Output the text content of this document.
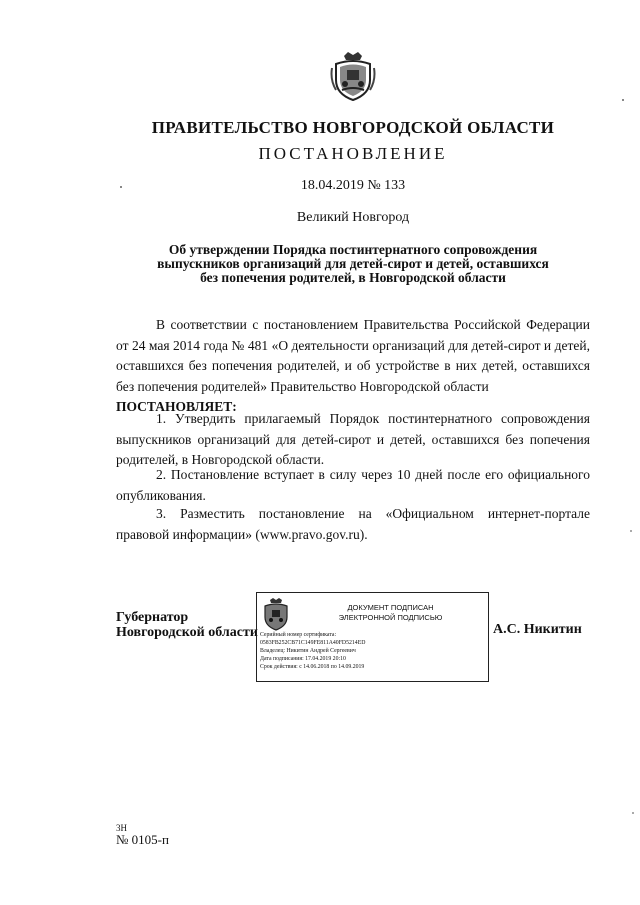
ПРАВИТЕЛЬСТВО НОВГОРОДСКОЙ ОБЛАСТИ
ПОСТАНОВЛЕНИЕ
18.04.2019 № 133
Великий Новгород
Об утверждении Порядка постинтернатного сопровождения
выпускников организаций для детей-сирот и детей, оставшихся
без попечения родителей, в Новгородской области
В соответствии с постановлением Правительства Российской Федерации от 24 мая 2014 года № 481 «О деятельности организаций для детей-сирот и детей, оставшихся без попечения родителей, и об устройстве в них детей, оставшихся без попечения родителей» Правительство Новгородской области
ПОСТАНОВЛЯЕТ:
1. Утвердить прилагаемый Порядок постинтернатного сопровождения выпускников организаций для детей-сирот и детей, оставшихся без попечения родителей, в Новгородской области.
2. Постановление вступает в силу через 10 дней после его официального опубликования.
3. Разместить постановление на «Официальном интернет-портале правовой информации» (www.pravo.gov.ru).
Губернатор
Новгородской области
ДОКУМЕНТ ПОДПИСАН
ЭЛЕКТРОННОЙ ПОДПИСЬЮ
Серийный номер сертификата:
0583FB252CB71C149FE811A40FD5214ED
Владелец: Никитин Андрей Сергеевич
Дата подписания: 17.04.2019 20:10
Срок действия: с 14.06.2018 по 14.09.2019
А.С. Никитин
3Н
№ 0105-п
